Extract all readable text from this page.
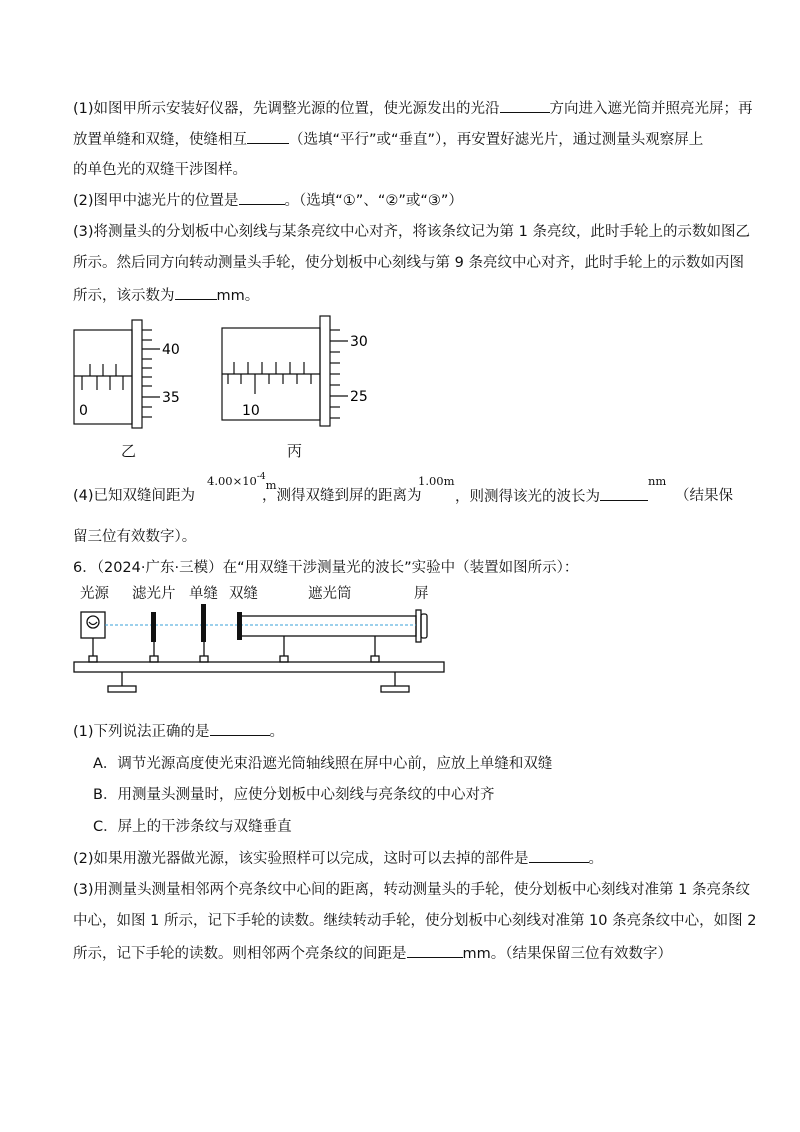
(1)如图甲所示安装好仪器，先调整光源的位置，使光源发出的光沿	方向进入遮光筒并照亮光屏；再
放置单缝和双缝，使缝相互	（选填“平行”或“垂直”），再安置好滤光片，通过测量头观察屏上
的单色光的双缝干涉图样。
(2)图甲中滤光片的位置是	。（选填“①”、“②”或“③”）
(3)将测量头的分划板中心刻线与某条亮纹中心对齐，将该条纹记为第 1 条亮纹，此时手轮上的示数如图乙
所示。然后同方向转动测量头手轮，使分划板中心刻线与第 9 条亮纹中心对齐，此时手轮上的示数如丙图
所示，该示数为	mm。
0
40
35
乙
10
30
25
丙
(4)已知双缝间距为
$4.00\times 10^{-4}m$
，测得双缝到屏的距离为
1.00m
，则测得该光的波长为
nm
（结果保
留三位有效数字）。
6．（2024·广东·三模）在“用双缝干涉测量光的波长”实验中（装置如图所示）：
光源 滤光片 单缝 双缝	遮光筒	屏
(1)下列说法正确的是	。
A．调节光源高度使光束沿遮光筒轴线照在屏中心前，应放上单缝和双缝
B．用测量头测量时，应使分划板中心刻线与亮条纹的中心对齐
C．屏上的干涉条纹与双缝垂直
(2)如果用激光器做光源，该实验照样可以完成，这时可以去掉的部件是	。
(3)用测量头测量相邻两个亮条纹中心间的距离，转动测量头的手轮，使分划板中心刻线对准第 1 条亮条纹
中心，如图 1 所示，记下手轮的读数。继续转动手轮，使分划板中心刻线对准第 10 条亮条纹中心，如图 2
所示，记下手轮的读数。则相邻两个亮条纹的间距是	mm。（结果保留三位有效数字）
